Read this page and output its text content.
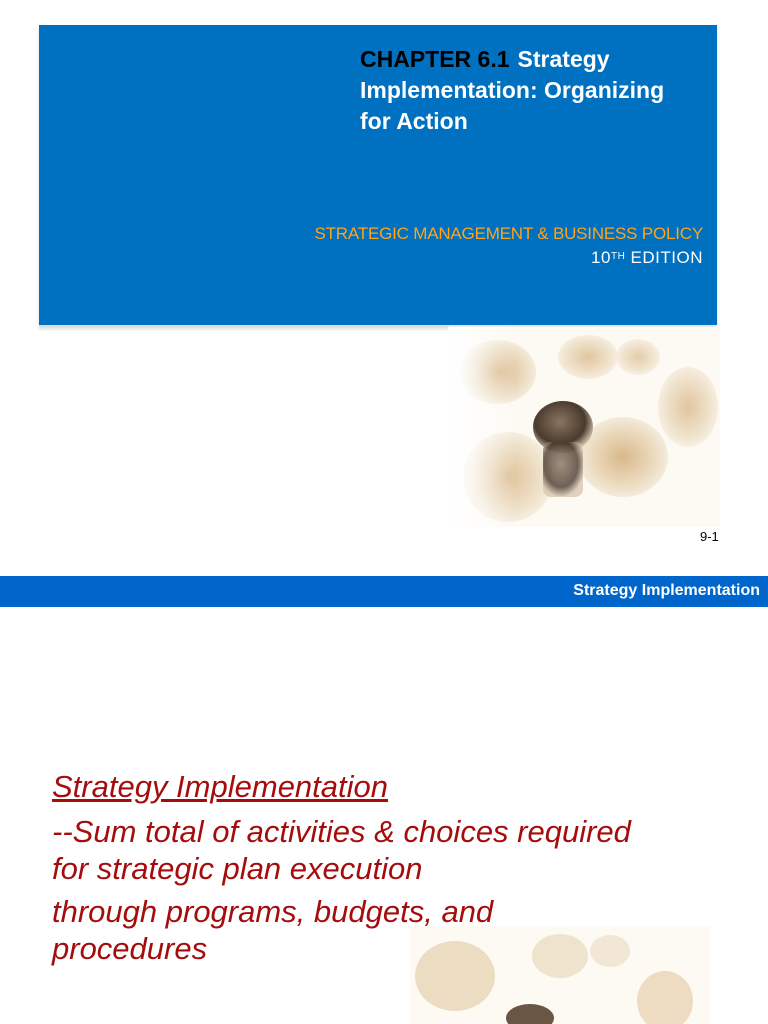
CHAPTER 6.1 Strategy Implementation: Organizing for Action
STRATEGIC MANAGEMENT & BUSINESS POLICY
10TH EDITION
9-1
Strategy Implementation
Strategy Implementation
--Sum total of activities & choices required for strategic plan execution
through programs, budgets, and procedures
